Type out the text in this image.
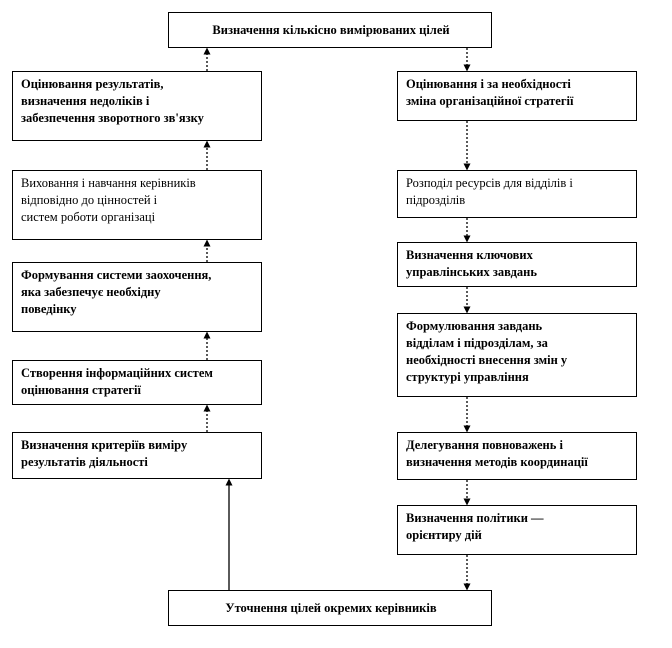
Визначення кількісно вимірюваних цілей
Оцінювання результатів,
визначення недоліків і
забезпечення зворотного зв'язку
Виховання і навчання керівників
відповідно до цінностей і
систем роботи організаці
Формування системи заохочення,
яка забезпечує необхідну
поведінку
Створення інформаційних систем
оцінювання стратегії
Визначення критеріїв виміру
результатів діяльності
Оцінювання і за необхідності
зміна організаційної стратегії
Розподіл ресурсів для відділів і
підрозділів
Визначення ключових
управлінських завдань
Формулювання завдань
відділам і підрозділам, за
необхідності внесення змін у
структурі управління
Делегування повноважень і
визначення методів координації
Визначення політики —
орієнтиру дій
Уточнення цілей окремих керівників
